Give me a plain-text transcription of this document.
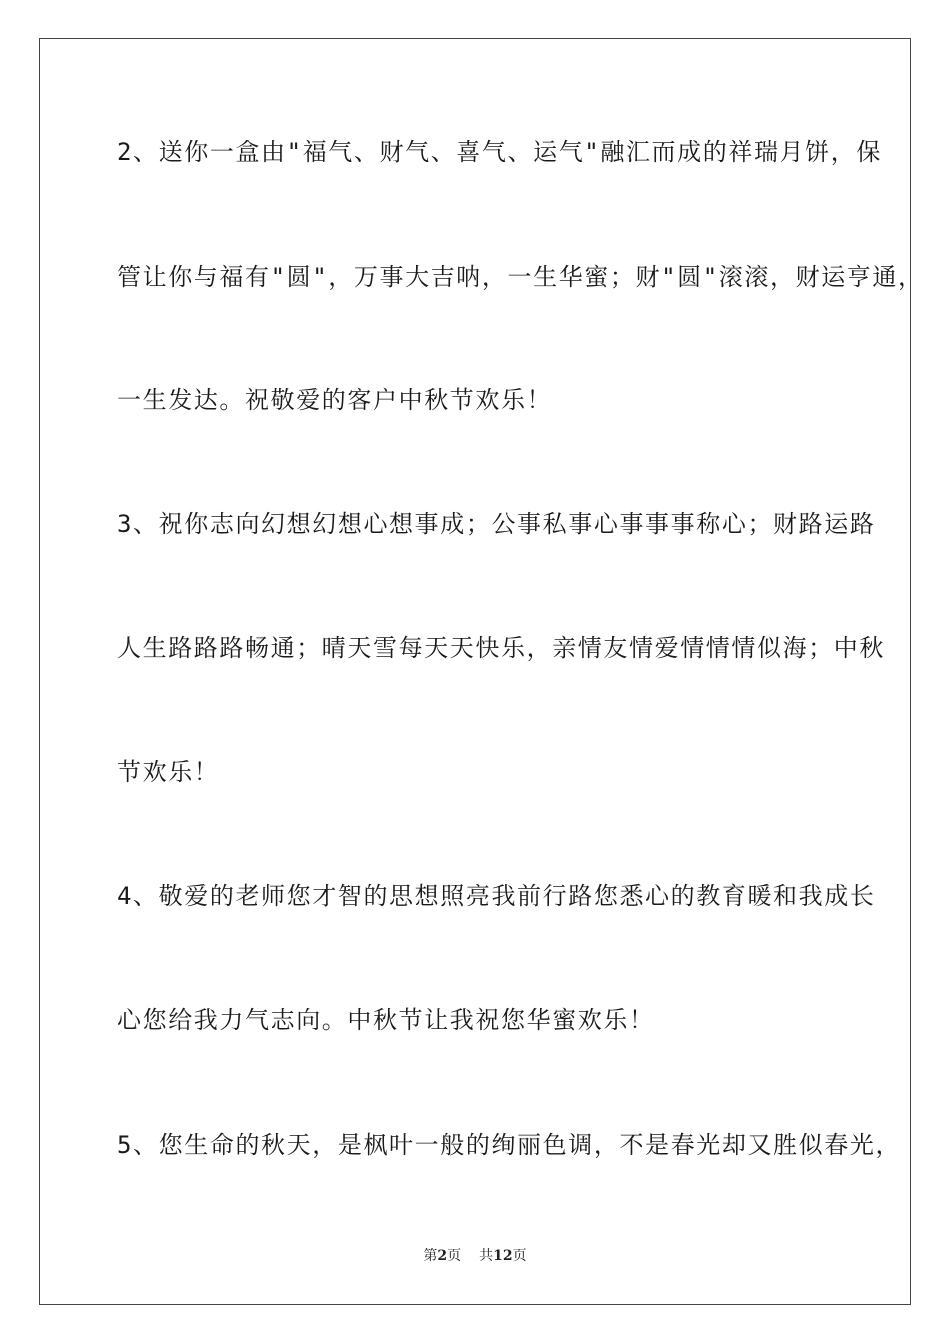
2、送你一盒由"福气、财气、喜气、运气"融汇而成的祥瑞月饼，保
管让你与福有"圆"，万事大吉呐，一生华蜜；财"圆"滚滚，财运亨通，
一生发达。祝敬爱的客户中秋节欢乐！
3、祝你志向幻想幻想心想事成；公事私事心事事事称心；财路运路
人生路路路畅通；晴天雪每天天快乐，亲情友情爱情情情似海；中秋
节欢乐！
4、敬爱的老师您才智的思想照亮我前行路您悉心的教育暖和我成长
心您给我力气志向。中秋节让我祝您华蜜欢乐！
5、您生命的秋天，是枫叶一般的绚丽色调，不是春光却又胜似春光，
第2页 共12页
